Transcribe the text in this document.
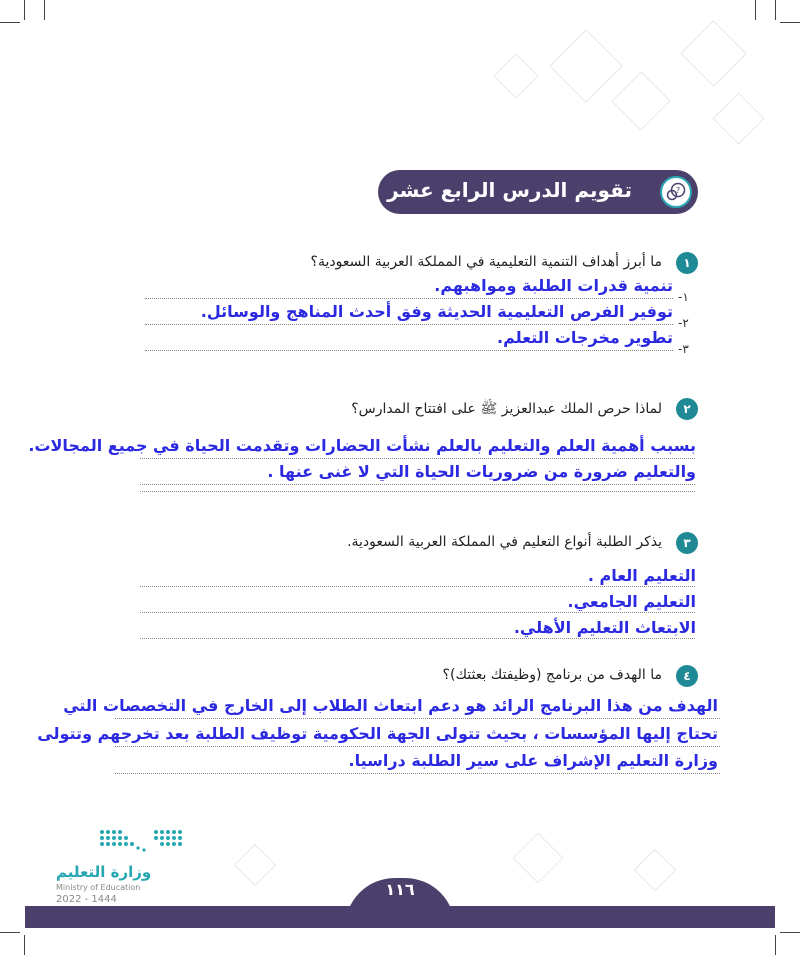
تقويم الدرس الرابع عشر	?
١
ما أبرز أهداف التنمية التعليمية في المملكة العربية السعودية؟
-١
تنمية قدرات الطلبة ومواهبهم.
-٢
توفير الفرص التعليمية الحديثة وفق أحدث المناهج والوسائل.
-٣
تطوير مخرجات التعلم.
٢
لماذا حرص الملك عبدالعزيز ﷺ على افتتاح المدارس؟
بسبب أهمية العلم والتعليم بالعلم نشأت الحضارات وتقدمت الحياة في جميع المجالات.
والتعليم ضرورة من ضروريات الحياة التي لا غنى عنها .
٣
يذكر الطلبة أنواع التعليم في المملكة العربية السعودية.
التعليم العام .
التعليم الجامعي.
الابتعاث التعليم الأهلي.
٤
ما الهدف من برنامج (وظيفتك بعثتك)؟
الهدف من هذا البرنامج الرائد هو دعم ابتعاث الطلاب إلى الخارج في التخصصات التي
تحتاج إليها المؤسسات ، بحيث تتولى الجهة الحكومية توظيف الطلبة بعد تخرجهم وتتولى
وزارة التعليم الإشراف على سير الطلبة دراسيا.
وزارة التعليم
Ministry of Education
2022 - 1444
١١٦
